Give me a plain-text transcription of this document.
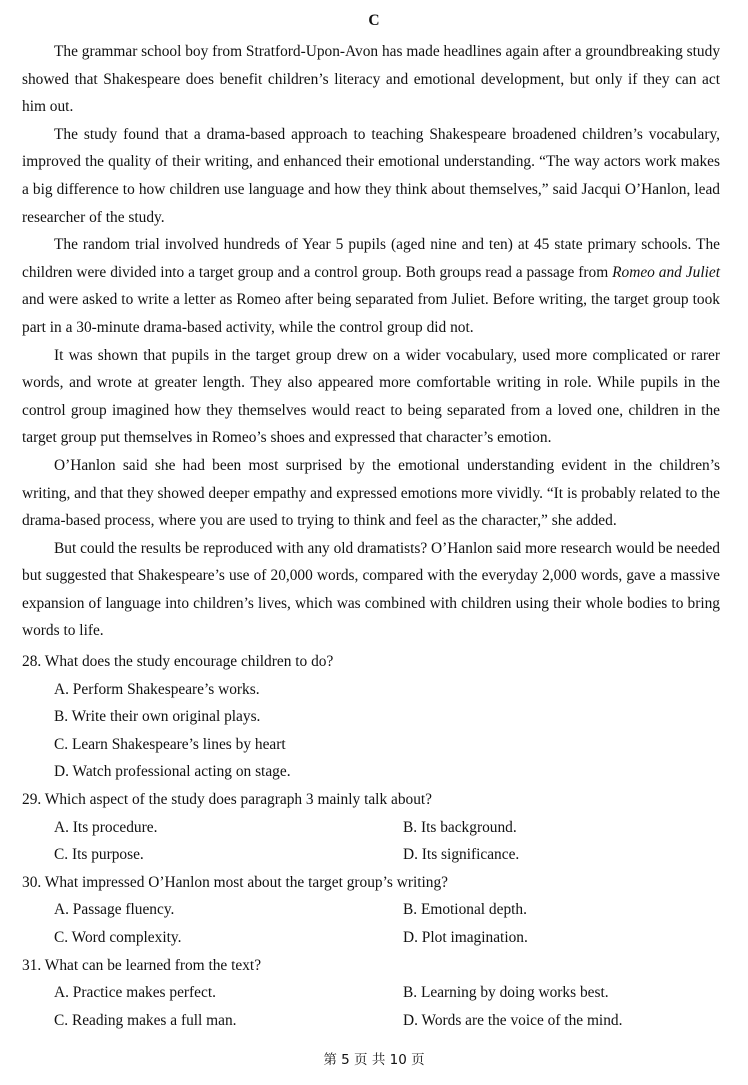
C

The grammar school boy from Stratford-Upon-Avon has made headlines again after a groundbreaking study showed that Shakespeare does benefit children’s literacy and emotional development, but only if they can act him out.

The study found that a drama-based approach to teaching Shakespeare broadened children’s vocabulary, improved the quality of their writing, and enhanced their emotional understanding. “The way actors work makes a big difference to how children use language and how they think about themselves,” said Jacqui O’Hanlon, lead researcher of the study.

The random trial involved hundreds of Year 5 pupils (aged nine and ten) at 45 state primary schools. The children were divided into a target group and a control group. Both groups read a passage from Romeo and Juliet and were asked to write a letter as Romeo after being separated from Juliet. Before writing, the target group took part in a 30-minute drama-based activity, while the control group did not.

It was shown that pupils in the target group drew on a wider vocabulary, used more complicated or rarer words, and wrote at greater length. They also appeared more comfortable writing in role. While pupils in the control group imagined how they themselves would react to being separated from a loved one, children in the target group put themselves in Romeo’s shoes and expressed that character’s emotion.

O’Hanlon said she had been most surprised by the emotional understanding evident in the children’s writing, and that they showed deeper empathy and expressed emotions more vividly. “It is probably related to the drama-based process, where you are used to trying to think and feel as the character,” she added.

But could the results be reproduced with any old dramatists? O’Hanlon said more research would be needed but suggested that Shakespeare’s use of 20,000 words, compared with the everyday 2,000 words, gave a massive expansion of language into children’s lives, which was combined with children using their whole bodies to bring words to life.

28. What does the study encourage children to do?

A. Perform Shakespeare’s works.
B. Write their own original plays.
C. Learn Shakespeare’s lines by heart
D. Watch professional acting on stage.

29. Which aspect of the study does paragraph 3 mainly talk about?

A. Its procedure.	B. Its background.
C. Its purpose.	D. Its significance.

30. What impressed O’Hanlon most about the target group’s writing?

A. Passage fluency.	B. Emotional depth.
C. Word complexity.	D. Plot imagination.

31. What can be learned from the text?

A. Practice makes perfect.	B. Learning by doing works best.
C. Reading makes a full man.	D. Words are the voice of the mind.
第 5 页 共 10 页
